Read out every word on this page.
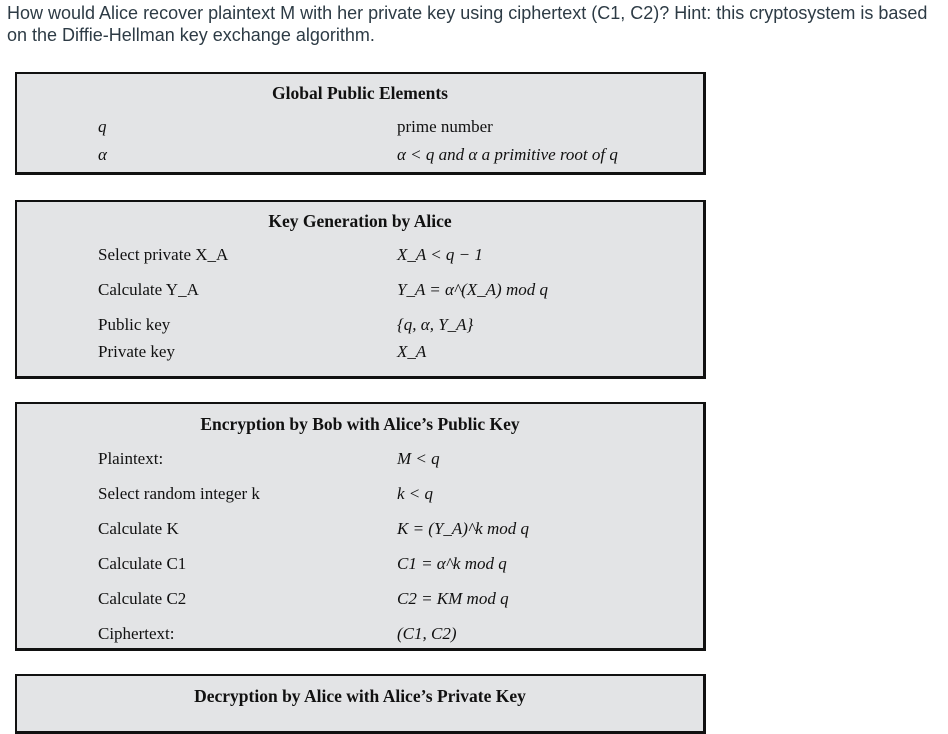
How would Alice recover plaintext M with her private key using ciphertext (C1, C2)? Hint: this cryptosystem is based on the Diffie-Hellman key exchange algorithm.
Global Public Elements
q	prime number
α	α < q and α a primitive root of q
Key Generation by Alice
Select private X_A	X_A < q − 1
Calculate Y_A	Y_A = α^(X_A) mod q
Public key	{q, α, Y_A}
Private key	X_A
Encryption by Bob with Alice’s Public Key
Plaintext:	M < q
Select random integer k	k < q
Calculate K	K = (Y_A)^k mod q
Calculate C1	C1 = α^k mod q
Calculate C2	C2 = KM mod q
Ciphertext:	(C1, C2)
Decryption by Alice with Alice’s Private Key
